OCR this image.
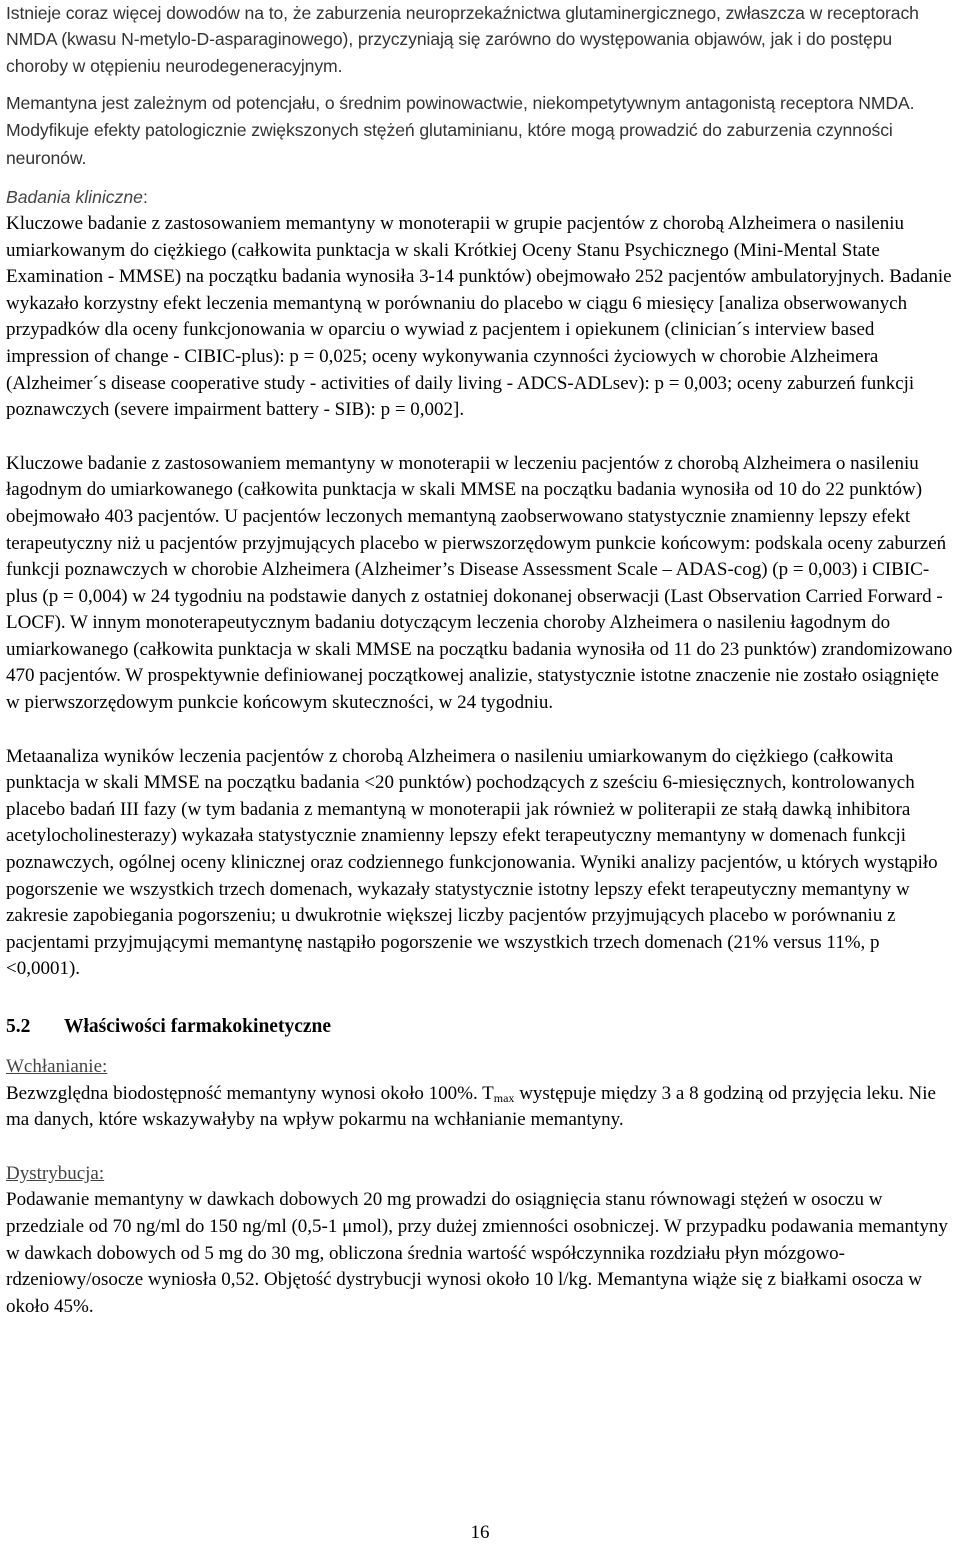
Istnieje coraz więcej dowodów na to, że zaburzenia neuroprzekaźnictwa glutaminergicznego, zwłaszcza w receptorach NMDA (kwasu N-metylo-D-asparaginowego), przyczyniają się zarówno do występowania objawów, jak i do postępu choroby w otępieniu neurodegeneracyjnym.

Memantyna jest zależnym od potencjału, o średnim powinowactwie, niekompetytywnym antagonistą receptora NMDA. Modyfikuje efekty patologicznie zwiększonych stężeń glutaminianu, które mogą prowadzić do zaburzenia czynności neuronów.

Badania kliniczne:

Kluczowe badanie z zastosowaniem memantyny w monoterapii w grupie pacjentów z chorobą Alzheimera o nasileniu umiarkowanym do ciężkiego (całkowita punktacja w skali Krótkiej Oceny Stanu Psychicznego (Mini-Mental State Examination - MMSE) na początku badania wynosiła 3-14 punktów) obejmowało 252 pacjentów ambulatoryjnych. Badanie wykazało korzystny efekt leczenia memantyną w porównaniu do placebo w ciągu 6 miesięcy [analiza obserwowanych przypadków dla oceny funkcjonowania w oparciu o wywiad z pacjentem i opiekunem (clinician´s interview based impression of change - CIBIC-plus): p = 0,025; oceny wykonywania czynności życiowych w chorobie Alzheimera (Alzheimer´s disease cooperative study - activities of daily living - ADCS-ADLsev): p = 0,003; oceny zaburzeń funkcji poznawczych (severe impairment battery - SIB): p = 0,002].

Kluczowe badanie z zastosowaniem memantyny w monoterapii w leczeniu pacjentów z chorobą Alzheimera o nasileniu łagodnym do umiarkowanego (całkowita punktacja w skali MMSE na początku badania wynosiła od 10 do 22 punktów) obejmowało 403 pacjentów. U pacjentów leczonych memantyną zaobserwowano statystycznie znamienny lepszy efekt terapeutyczny niż u pacjentów przyjmujących placebo w pierwszorzędowym punkcie końcowym: podskala oceny zaburzeń funkcji poznawczych w chorobie Alzheimera (Alzheimer’s Disease Assessment Scale – ADAS-cog) (p = 0,003) i CIBIC-plus (p = 0,004) w 24 tygodniu na podstawie danych z ostatniej dokonanej obserwacji (Last Observation Carried Forward - LOCF). W innym monoterapeutycznym badaniu dotyczącym leczenia choroby Alzheimera o nasileniu łagodnym do umiarkowanego (całkowita punktacja w skali MMSE na początku badania wynosiła od 11 do 23 punktów) zrandomizowano 470 pacjentów. W prospektywnie definiowanej początkowej analizie, statystycznie istotne znaczenie nie zostało osiągnięte w pierwszorzędowym punkcie końcowym skuteczności, w 24 tygodniu.

Metaanaliza wyników leczenia pacjentów z chorobą Alzheimera o nasileniu umiarkowanym do ciężkiego (całkowita punktacja w skali MMSE na początku badania <20 punktów) pochodzących z sześciu 6-miesięcznych, kontrolowanych placebo badań III fazy (w tym badania z memantyną w monoterapii jak również w politerapii ze stałą dawką inhibitora acetylocholinesterazy) wykazała statystycznie znamienny lepszy efekt terapeutyczny memantyny w domenach funkcji poznawczych, ogólnej oceny klinicznej oraz codziennego funkcjonowania. Wyniki analizy pacjentów, u których wystąpiło pogorszenie we wszystkich trzech domenach, wykazały statystycznie istotny lepszy efekt terapeutyczny memantyny w zakresie zapobiegania pogorszeniu; u dwukrotnie większej liczby pacjentów przyjmujących placebo w porównaniu z pacjentami przyjmującymi memantynę nastąpiło pogorszenie we wszystkich trzech domenach (21% versus 11%, p <0,0001).

5.2 Właściwości farmakokinetyczne

Wchłanianie:

Bezwzględna biodostępność memantyny wynosi około 100%. $T_{max}$ występuje między 3 a 8 godziną od przyjęcia leku. Nie ma danych, które wskazywałyby na wpływ pokarmu na wchłanianie memantyny.

Dystrybucja:

Podawanie memantyny w dawkach dobowych 20 mg prowadzi do osiągnięcia stanu równowagi stężeń w osoczu w przedziale od 70 ng/ml do 150 ng/ml (0,5-1 μmol), przy dużej zmienności osobniczej. W przypadku podawania memantyny w dawkach dobowych od 5 mg do 30 mg, obliczona średnia wartość współczynnika rozdziału płyn mózgowo-rdzeniowy/osocze wyniosła 0,52. Objętość dystrybucji wynosi około 10 l/kg. Memantyna wiąże się z białkami osocza w około 45%.

16
